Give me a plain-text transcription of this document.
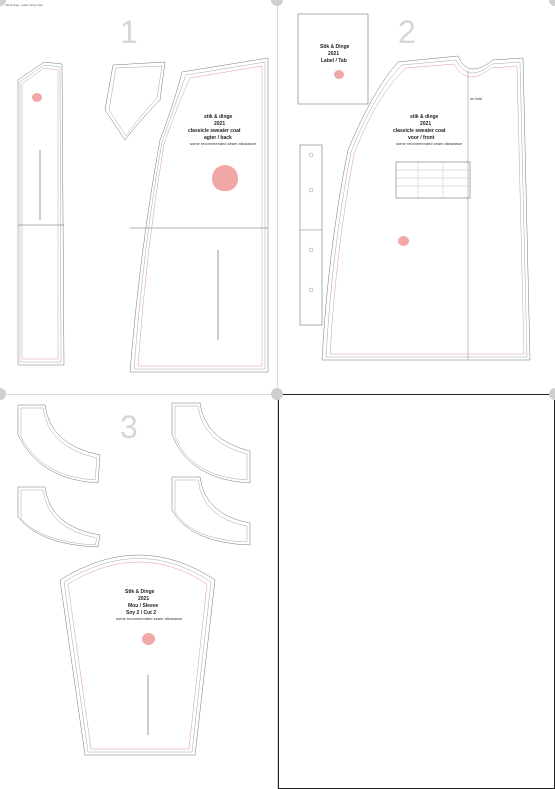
Stik & Dinge · pattern tiling notes
1
stik & dinge
2021
classicle sweater coat
agter / back
some recommended seam allowance
2
Stik & Dinge
2021
Label / Tab
stik & dinge
2021
classicle sweater coat
voor / front
some recommended seam allowance
on fold
3
Stik & Dinge
2021
Mou / Sleeve
Sny 2 / Cut 2
some recommended seam allowance
